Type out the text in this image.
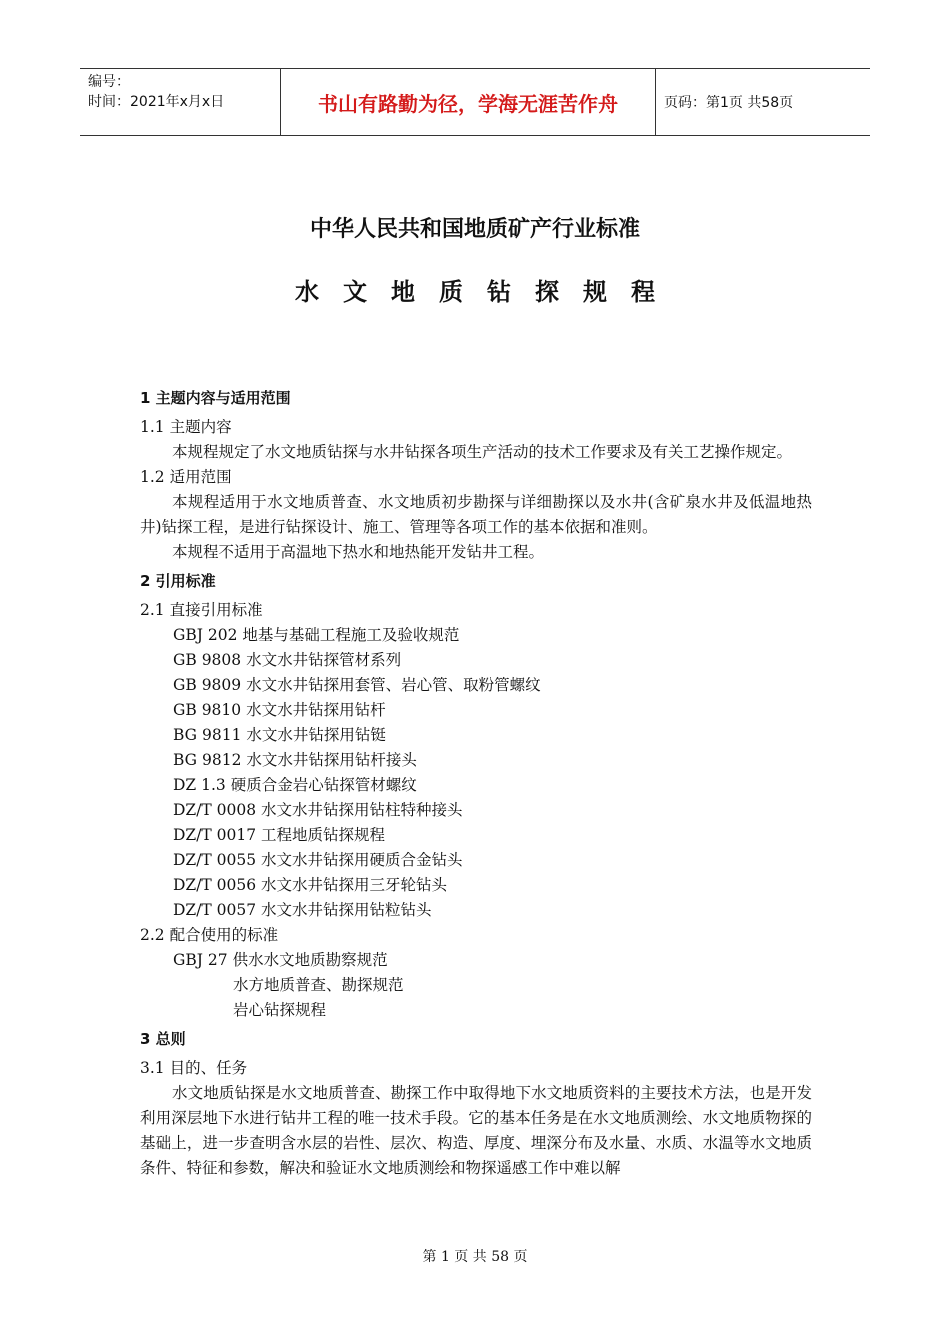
编号：
时间：2021年x月x日	书山有路勤为径，学海无涯苦作舟	页码：第1页 共58页
中华人民共和国地质矿产行业标准
水文地质钻探规程
1 主题内容与适用范围
1.1 主题内容
本规程规定了水文地质钻探与水井钻探各项生产活动的技术工作要求及有关工艺操作规定。
1.2 适用范围
本规程适用于水文地质普查、水文地质初步勘探与详细勘探以及水井(含矿泉水井及低温地热井)钻探工程，是进行钻探设计、施工、管理等各项工作的基本依据和准则。
本规程不适用于高温地下热水和地热能开发钻井工程。
2 引用标准
2.1 直接引用标准
GBJ 202 地基与基础工程施工及验收规范
GB 9808 水文水井钻探管材系列
GB 9809 水文水井钻探用套管、岩心管、取粉管螺纹
GB 9810 水文水井钻探用钻杆
BG 9811 水文水井钻探用钻铤
BG 9812 水文水井钻探用钻杆接头
DZ 1.3 硬质合金岩心钻探管材螺纹
DZ/T 0008 水文水井钻探用钻柱特种接头
DZ/T 0017 工程地质钻探规程
DZ/T 0055 水文水井钻探用硬质合金钻头
DZ/T 0056 水文水井钻探用三牙轮钻头
DZ/T 0057 水文水井钻探用钻粒钻头
2.2 配合使用的标准
GBJ 27 供水水文地质勘察规范
水方地质普查、勘探规范
岩心钻探规程
3 总则
3.1 目的、任务
水文地质钻探是水文地质普查、勘探工作中取得地下水文地质资料的主要技术方法，也是开发利用深层地下水进行钻井工程的唯一技术手段。它的基本任务是在水文地质测绘、水文地质物探的基础上，进一步查明含水层的岩性、层次、构造、厚度、埋深分布及水量、水质、水温等水文地质条件、特征和参数，解决和验证水文地质测绘和物探遥感工作中难以解
第 1 页 共 58 页
